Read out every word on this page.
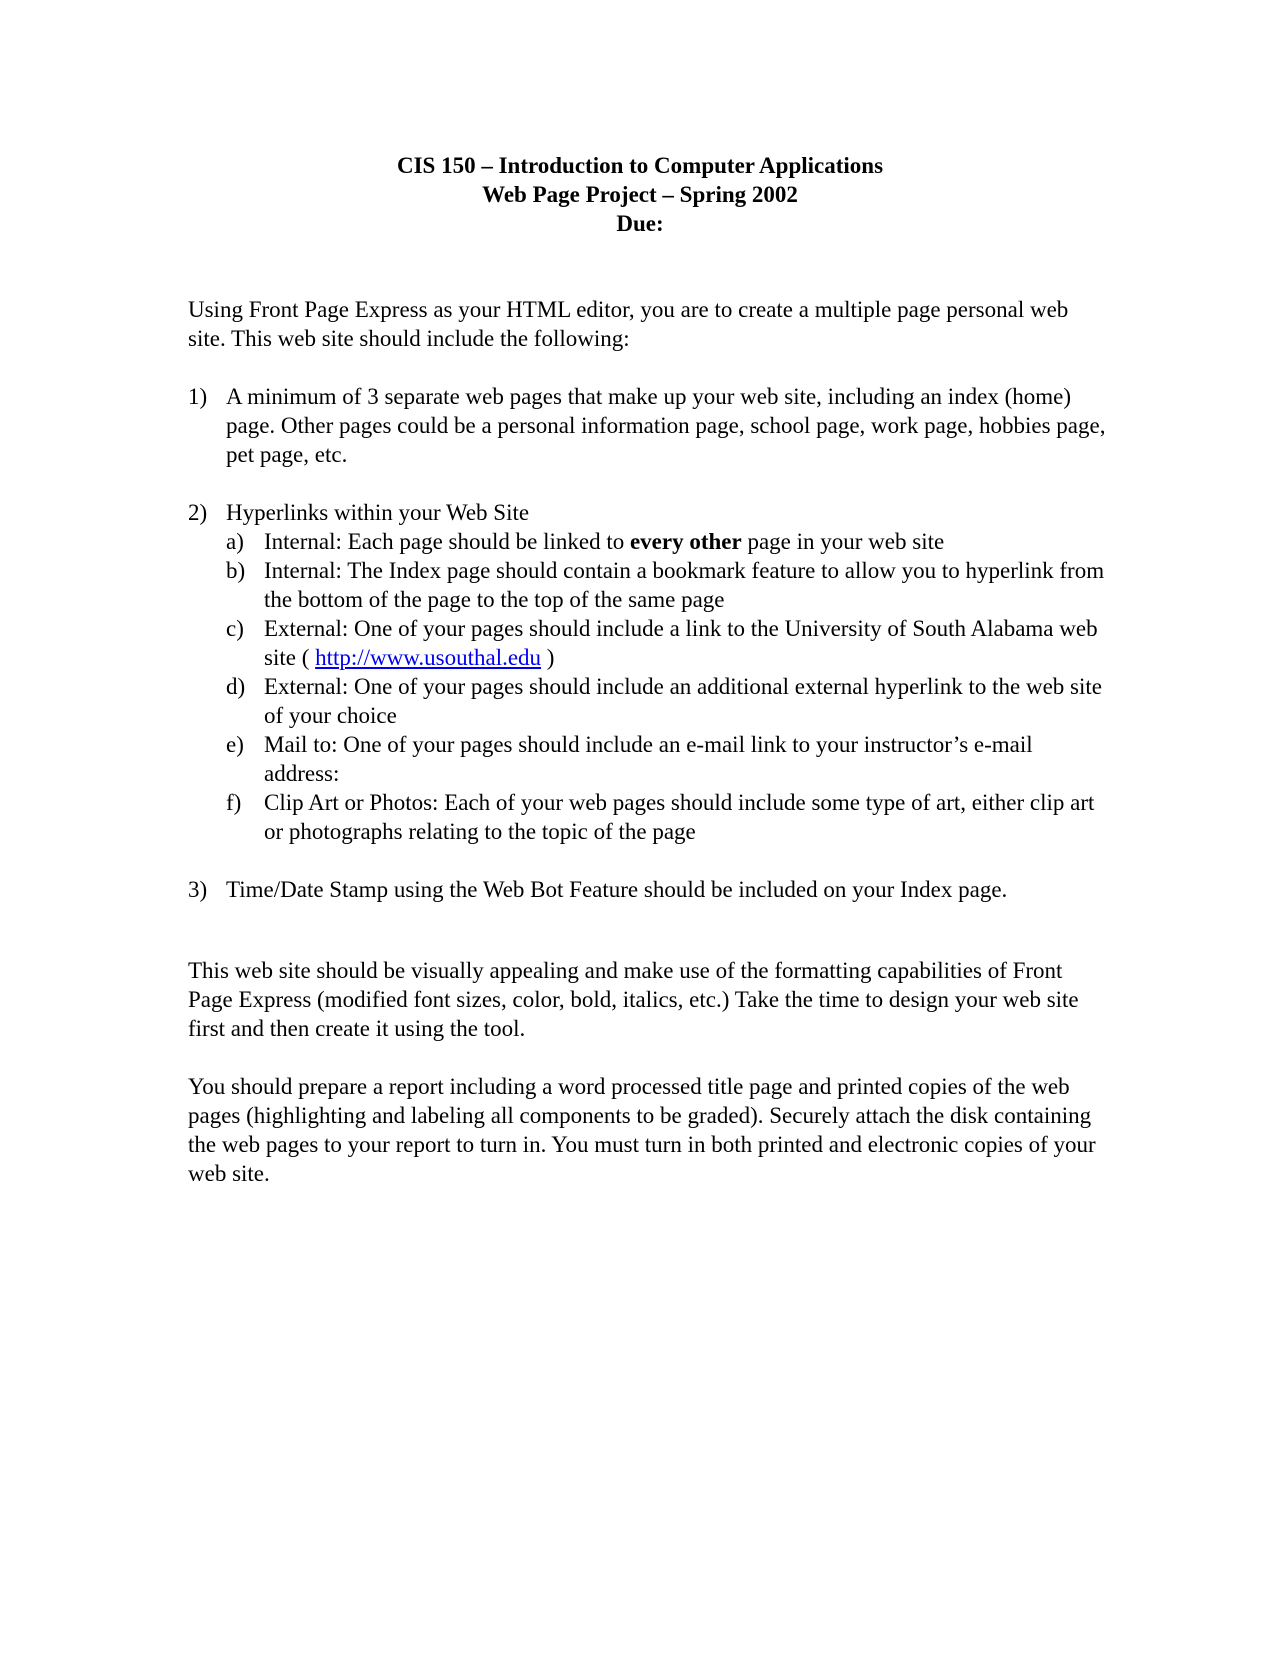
CIS 150 – Introduction to Computer Applications
Web Page Project – Spring 2002
Due:

Using Front Page Express as your HTML editor, you are to create a multiple page personal web site. This web site should include the following:

1) A minimum of 3 separate web pages that make up your web site, including an index (home) page. Other pages could be a personal information page, school page, work page, hobbies page, pet page, etc.
2) Hyperlinks within your Web Site
a) Internal: Each page should be linked to every other page in your web site
b) Internal: The Index page should contain a bookmark feature to allow you to hyperlink from the bottom of the page to the top of the same page
c) External: One of your pages should include a link to the University of South Alabama web site ( http://www.usouthal.edu )
d) External: One of your pages should include an additional external hyperlink to the web site of your choice
e) Mail to: One of your pages should include an e-mail link to your instructor’s e-mail address:
f) Clip Art or Photos: Each of your web pages should include some type of art, either clip art or photographs relating to the topic of the page
3) Time/Date Stamp using the Web Bot Feature should be included on your Index page.

This web site should be visually appealing and make use of the formatting capabilities of Front Page Express (modified font sizes, color, bold, italics, etc.) Take the time to design your web site first and then create it using the tool.

You should prepare a report including a word processed title page and printed copies of the web pages (highlighting and labeling all components to be graded). Securely attach the disk containing the web pages to your report to turn in. You must turn in both printed and electronic copies of your web site.
